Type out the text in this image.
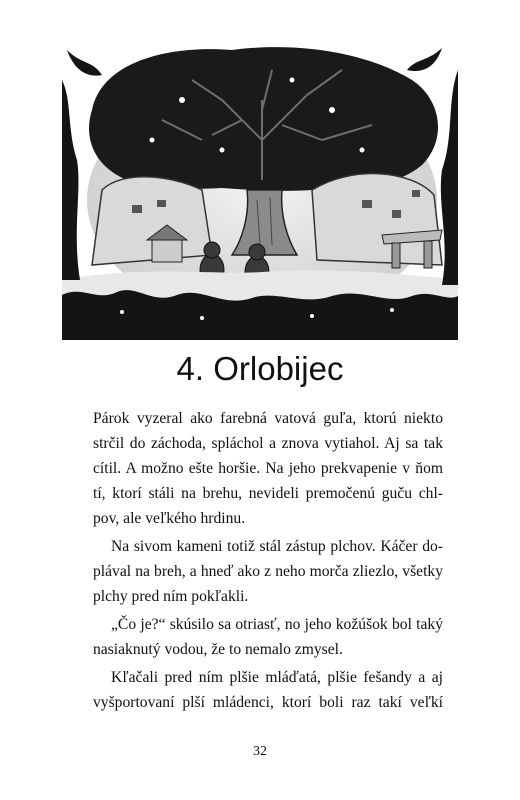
4. Orlobijec
Párok vyzeral ako farebná vatová guľa, ktorú niekto
strčil do záchoda, spláchol a znova vytiahol. Aj sa tak
cítil. A možno ešte horšie. Na jeho prekvapenie v ňom
tí, ktorí stáli na brehu, nevideli premočenú guču chl-
pov, ale veľkého hrdinu.
Na sivom kameni totiž stál zástup plchov. Káčer do-
plával na breh, a hneď ako z neho morča zliezlo, všetky
plchy pred ním pokľakli.
„Čo je?“ skúsilo sa otriasť, no jeho kožúšok bol taký
nasiaknutý vodou, že to nemalo zmysel.
Kľačali pred ním plšie mláďatá, plšie fešandy a aj
vyšportovaní plší mládenci, ktorí boli raz takí veľkí
32
